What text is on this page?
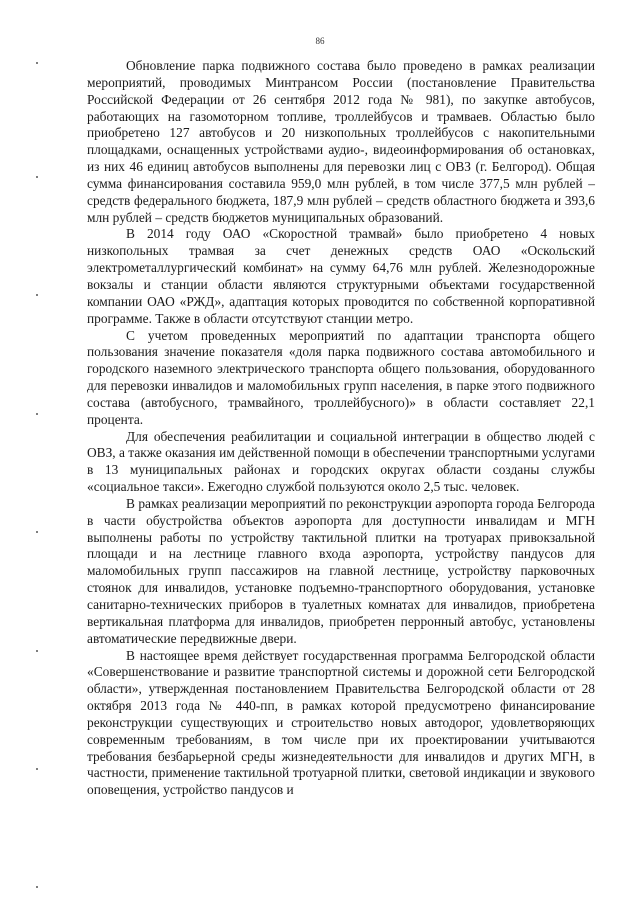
86

Обновление парка подвижного состава было проведено в рамках реализации мероприятий, проводимых Минтрансом России (постановление Правительства Российской Федерации от 26 сентября 2012 года № 981), по закупке автобусов, работающих на газомоторном топливе, троллейбусов и трамваев. Областью было приобретено 127 автобусов и 20 низкопольных троллейбусов с накопительными площадками, оснащенных устройствами аудио-, видеоинформирования об остановках, из них 46 единиц автобусов выполнены для перевозки лиц с ОВЗ (г. Белгород). Общая сумма финансирования составила 959,0 млн рублей, в том числе 377,5 млн рублей – средств федерального бюджета, 187,9 млн рублей – средств областного бюджета и 393,6 млн рублей – средств бюджетов муниципальных образований.

В 2014 году ОАО «Скоростной трамвай» было приобретено 4 новых низкопольных трамвая за счет денежных средств ОАО «Оскольский электрометаллургический комбинат» на сумму 64,76 млн рублей. Железнодорожные вокзалы и станции области являются структурными объектами государственной компании ОАО «РЖД», адаптация которых проводится по собственной корпоративной программе. Также в области отсутствуют станции метро.

С учетом проведенных мероприятий по адаптации транспорта общего пользования значение показателя «доля парка подвижного состава автомобильного и городского наземного электрического транспорта общего пользования, оборудованного для перевозки инвалидов и маломобильных групп населения, в парке этого подвижного состава (автобусного, трамвайного, троллейбусного)» в области составляет 22,1 процента.

Для обеспечения реабилитации и социальной интеграции в общество людей с ОВЗ, а также оказания им действенной помощи в обеспечении транспортными услугами в 13 муниципальных районах и городских округах области созданы службы «социальное такси». Ежегодно службой пользуются около 2,5 тыс. человек.

В рамках реализации мероприятий по реконструкции аэропорта города Белгорода в части обустройства объектов аэропорта для доступности инвалидам и МГН выполнены работы по устройству тактильной плитки на тротуарах привокзальной площади и на лестнице главного входа аэропорта, устройству пандусов для маломобильных групп пассажиров на главной лестнице, устройству парковочных стоянок для инвалидов, установке подъемно-транспортного оборудования, установке санитарно-технических приборов в туалетных комнатах для инвалидов, приобретена вертикальная платформа для инвалидов, приобретен перронный автобус, установлены автоматические передвижные двери.

В настоящее время действует государственная программа Белгородской области «Совершенствование и развитие транспортной системы и дорожной сети Белгородской области», утвержденная постановлением Правительства Белгородской области от 28 октября 2013 года № 440-пп, в рамках которой предусмотрено финансирование реконструкции существующих и строительство новых автодорог, удовлетворяющих современным требованиям, в том числе при их проектировании учитываются требования безбарьерной среды жизнедеятельности для инвалидов и других МГН, в частности, применение тактильной тротуарной плитки, световой индикации и звукового оповещения, устройство пандусов и
